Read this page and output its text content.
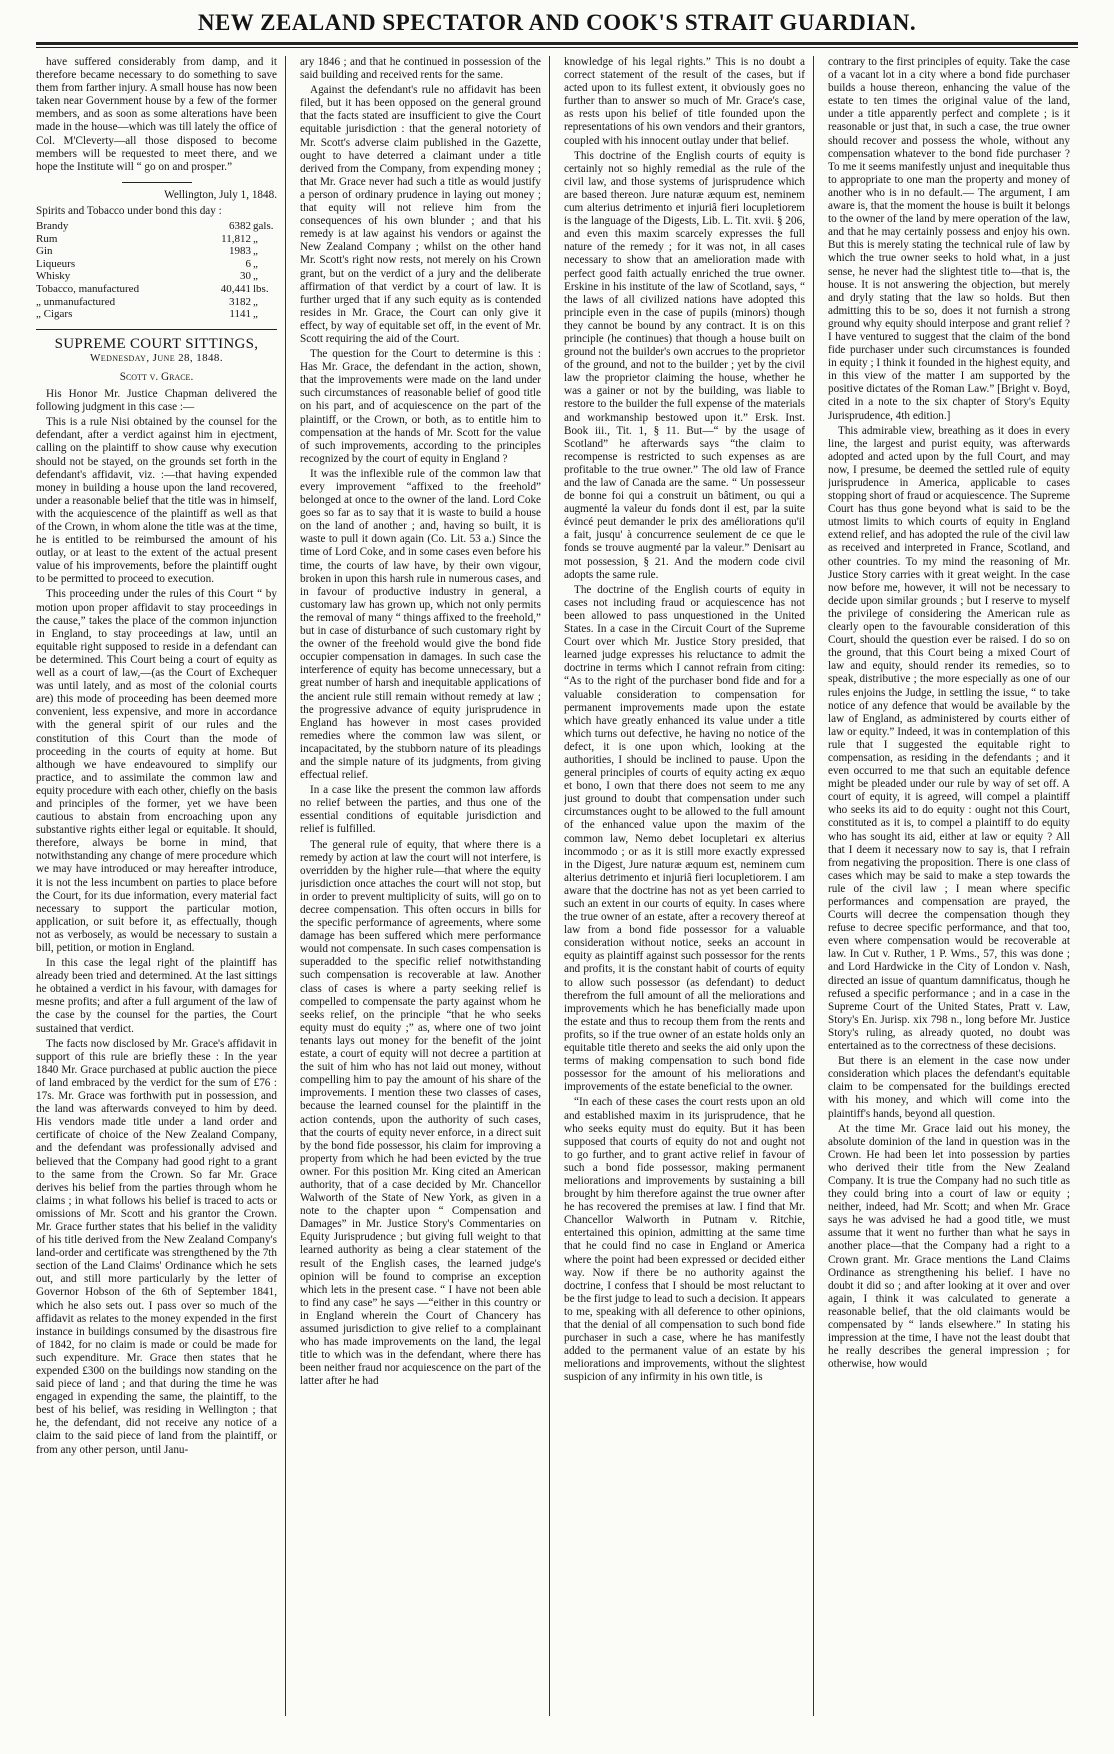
NEW ZEALAND SPECTATOR AND COOK'S STRAIT GUARDIAN.

have suffered considerably from damp, and it therefore became necessary to do something to save them from farther injury. A small house has now been taken near Government house by a few of the former members, and as soon as some alterations have been made in the house—which was till lately the office of Col. M'Cleverty—all those disposed to become members will be requested to meet there, and we hope the Institute will “ go on and prosper.”

Wellington, July 1, 1848.

Spirits and Tobacco under bond this day :

Brandy	6382	gals.
Rum	11,812	„
Gin	1983	„
Liqueurs	6	„
Whisky	30	„
Tobacco, manufactured	40,441	lbs.
„ unmanufactured	3182	„
„ Cigars	1141	„
SUPREME COURT SITTINGS,
Wednesday, June 28, 1848.
Scott v. Grace.

His Honor Mr. Justice Chapman delivered the following judgment in this case :—

This is a rule Nisi obtained by the counsel for the defendant, after a verdict against him in ejectment, calling on the plaintiff to show cause why execution should not be stayed, on the grounds set forth in the defendant's affidavit, viz. :—that having expended money in building a house upon the land recovered, under a reasonable belief that the title was in himself, with the acquiescence of the plaintiff as well as that of the Crown, in whom alone the title was at the time, he is entitled to be reimbursed the amount of his outlay, or at least to the extent of the actual present value of his improvements, before the plaintiff ought to be permitted to proceed to execution.

This proceeding under the rules of this Court “ by motion upon proper affidavit to stay proceedings in the cause,” takes the place of the common injunction in England, to stay proceedings at law, until an equitable right supposed to reside in a defendant can be determined. This Court being a court of equity as well as a court of law,—(as the Court of Exchequer was until lately, and as most of the colonial courts are) this mode of proceeding has been deemed more convenient, less expensive, and more in accordance with the general spirit of our rules and the constitution of this Court than the mode of proceeding in the courts of equity at home. But although we have endeavoured to simplify our practice, and to assimilate the common law and equity procedure with each other, chiefly on the basis and principles of the former, yet we have been cautious to abstain from encroaching upon any substantive rights either legal or equitable. It should, therefore, always be borne in mind, that notwithstanding any change of mere procedure which we may have introduced or may hereafter introduce, it is not the less incumbent on parties to place before the Court, for its due information, every material fact necessary to support the particular motion, application, or suit before it, as effectually, though not as verbosely, as would be necessary to sustain a bill, petition, or motion in England.

In this case the legal right of the plaintiff has already been tried and determined. At the last sittings he obtained a verdict in his favour, with damages for mesne profits; and after a full argument of the law of the case by the counsel for the parties, the Court sustained that verdict.

The facts now disclosed by Mr. Grace's affidavit in support of this rule are briefly these : In the year 1840 Mr. Grace purchased at public auction the piece of land embraced by the verdict for the sum of £76 : 17s. Mr. Grace was forthwith put in possession, and the land was afterwards conveyed to him by deed. His vendors made title under a land order and certificate of choice of the New Zealand Company, and the defendant was professionally advised and believed that the Company had good right to a grant to the same from the Crown. So far Mr. Grace derives his belief from the parties through whom he claims ; in what follows his belief is traced to acts or omissions of Mr. Scott and his grantor the Crown. Mr. Grace further states that his belief in the validity of his title derived from the New Zealand Company's land-order and certificate was strengthened by the 7th section of the Land Claims' Ordinance which he sets out, and still more particularly by the letter of Governor Hobson of the 6th of September 1841, which he also sets out. I pass over so much of the affidavit as relates to the money expended in the first instance in buildings consumed by the disastrous fire of 1842, for no claim is made or could be made for such expenditure. Mr. Grace then states that he expended £300 on the buildings now standing on the said piece of land ; and that during the time he was engaged in expending the same, the plaintiff, to the best of his belief, was residing in Wellington ; that he, the defendant, did not receive any notice of a claim to the said piece of land from the plaintiff, or from any other person, until Janu-

ary 1846 ; and that he continued in possession of the said building and received rents for the same.

Against the defendant's rule no affidavit has been filed, but it has been opposed on the general ground that the facts stated are insufficient to give the Court equitable jurisdiction : that the general notoriety of Mr. Scott's adverse claim published in the Gazette, ought to have deterred a claimant under a title derived from the Company, from expending money ; that Mr. Grace never had such a title as would justify a person of ordinary prudence in laying out money ; that equity will not relieve him from the consequences of his own blunder ; and that his remedy is at law against his vendors or against the New Zealand Company ; whilst on the other hand Mr. Scott's right now rests, not merely on his Crown grant, but on the verdict of a jury and the deliberate affirmation of that verdict by a court of law. It is further urged that if any such equity as is contended resides in Mr. Grace, the Court can only give it effect, by way of equitable set off, in the event of Mr. Scott requiring the aid of the Court.

The question for the Court to determine is this : Has Mr. Grace, the defendant in the action, shown, that the improvements were made on the land under such circumstances of reasonable belief of good title on his part, and of acquiescence on the part of the plaintiff, or the Crown, or both, as to entitle him to compensation at the hands of Mr. Scott for the value of such improvements, according to the principles recognized by the court of equity in England ?

It was the inflexible rule of the common law that every improvement “affixed to the freehold” belonged at once to the owner of the land. Lord Coke goes so far as to say that it is waste to build a house on the land of another ; and, having so built, it is waste to pull it down again (Co. Lit. 53 a.) Since the time of Lord Coke, and in some cases even before his time, the courts of law have, by their own vigour, broken in upon this harsh rule in numerous cases, and in favour of productive industry in general, a customary law has grown up, which not only permits the removal of many “ things affixed to the freehold,” but in case of disturbance of such customary right by the owner of the freehold would give the bond fide occupier compensation in damages. In such case the interference of equity has become unnecessary, but a great number of harsh and inequitable applications of the ancient rule still remain without remedy at law ; the progressive advance of equity jurisprudence in England has however in most cases provided remedies where the common law was silent, or incapacitated, by the stubborn nature of its pleadings and the simple nature of its judgments, from giving effectual relief.

In a case like the present the common law affords no relief between the parties, and thus one of the essential conditions of equitable jurisdiction and relief is fulfilled.

The general rule of equity, that where there is a remedy by action at law the court will not interfere, is overridden by the higher rule—that where the equity jurisdiction once attaches the court will not stop, but in order to prevent multiplicity of suits, will go on to decree compensation. This often occurs in bills for the specific performance of agreements, where some damage has been suffered which mere performance would not compensate. In such cases compensation is superadded to the specific relief notwithstanding such compensation is recoverable at law. Another class of cases is where a party seeking relief is compelled to compensate the party against whom he seeks relief, on the principle “that he who seeks equity must do equity ;” as, where one of two joint tenants lays out money for the benefit of the joint estate, a court of equity will not decree a partition at the suit of him who has not laid out money, without compelling him to pay the amount of his share of the improvements. I mention these two classes of cases, because the learned counsel for the plaintiff in the action contends, upon the authority of such cases, that the courts of equity never enforce, in a direct suit by the bond fide possessor, his claim for improving a property from which he had been evicted by the true owner. For this position Mr. King cited an American authority, that of a case decided by Mr. Chancellor Walworth of the State of New York, as given in a note to the chapter upon “ Compensation and Damages” in Mr. Justice Story's Commentaries on Equity Jurisprudence ; but giving full weight to that learned authority as being a clear statement of the result of the English cases, the learned judge's opinion will be found to comprise an exception which lets in the present case. “ I have not been able to find any case” he says —“either in this country or in England wherein the Court of Chancery has assumed jurisdiction to give relief to a complainant who has made improvements on the land, the legal title to which was in the defendant, where there has been neither fraud nor acquiescence on the part of the latter after he had

knowledge of his legal rights.” This is no doubt a correct statement of the result of the cases, but if acted upon to its fullest extent, it obviously goes no further than to answer so much of Mr. Grace's case, as rests upon his belief of title founded upon the representations of his own vendors and their grantors, coupled with his innocent outlay under that belief.

This doctrine of the English courts of equity is certainly not so highly remedial as the rule of the civil law, and those systems of jurisprudence which are based thereon. Jure naturæ æquum est, neminem cum alterius detrimento et injuriâ fieri locupletiorem is the language of the Digests, Lib. L. Tit. xvii. § 206, and even this maxim scarcely expresses the full nature of the remedy ; for it was not, in all cases necessary to show that an amelioration made with perfect good faith actually enriched the true owner. Erskine in his institute of the law of Scotland, says, “ the laws of all civilized nations have adopted this principle even in the case of pupils (minors) though they cannot be bound by any contract. It is on this principle (he continues) that though a house built on ground not the builder's own accrues to the proprietor of the ground, and not to the builder ; yet by the civil law the proprietor claiming the house, whether he was a gainer or not by the building, was liable to restore to the builder the full expense of the materials and workmanship bestowed upon it.” Ersk. Inst. Book iii., Tit. 1, § 11. But—“ by the usage of Scotland” he afterwards says “the claim to recompense is restricted to such expenses as are profitable to the true owner.” The old law of France and the law of Canada are the same. “ Un possesseur de bonne foi qui a construit un bâtiment, ou qui a augmenté la valeur du fonds dont il est, par la suite évincé peut demander le prix des améliorations qu'il a fait, jusqu' à concurrence seulement de ce que le fonds se trouve augmenté par la valeur.” Denisart au mot possession, § 21. And the modern code civil adopts the same rule.

The doctrine of the English courts of equity in cases not including fraud or acquiescence has not been allowed to pass unquestioned in the United States. In a case in the Circuit Court of the Supreme Court over which Mr. Justice Story presided, that learned judge expresses his reluctance to admit the doctrine in terms which I cannot refrain from citing: “As to the right of the purchaser bond fide and for a valuable consideration to compensation for permanent improvements made upon the estate which have greatly enhanced its value under a title which turns out defective, he having no notice of the defect, it is one upon which, looking at the authorities, I should be inclined to pause. Upon the general principles of courts of equity acting ex æquo et bono, I own that there does not seem to me any just ground to doubt that compensation under such circumstances ought to be allowed to the full amount of the enhanced value upon the maxim of the common law, Nemo debet locupletari ex alterius incommodo ; or as it is still more exactly expressed in the Digest, Jure naturæ æquum est, neminem cum alterius detrimento et injuriâ fieri locupletiorem. I am aware that the doctrine has not as yet been carried to such an extent in our courts of equity. In cases where the true owner of an estate, after a recovery thereof at law from a bond fide possessor for a valuable consideration without notice, seeks an account in equity as plaintiff against such possessor for the rents and profits, it is the constant habit of courts of equity to allow such possessor (as defendant) to deduct therefrom the full amount of all the meliorations and improvements which he has beneficially made upon the estate and thus to recoup them from the rents and profits, so if the true owner of an estate holds only an equitable title thereto and seeks the aid only upon the terms of making compensation to such bond fide possessor for the amount of his meliorations and improvements of the estate beneficial to the owner.

“In each of these cases the court rests upon an old and established maxim in its jurisprudence, that he who seeks equity must do equity. But it has been supposed that courts of equity do not and ought not to go further, and to grant active relief in favour of such a bond fide possessor, making permanent meliorations and improvements by sustaining a bill brought by him therefore against the true owner after he has recovered the premises at law. I find that Mr. Chancellor Walworth in Putnam v. Ritchie, entertained this opinion, admitting at the same time that he could find no case in England or America where the point had been expressed or decided either way. Now if there be no authority against the doctrine, I confess that I should be most reluctant to be the first judge to lead to such a decision. It appears to me, speaking with all deference to other opinions, that the denial of all compensation to such bond fide purchaser in such a case, where he has manifestly added to the permanent value of an estate by his meliorations and improvements, without the slightest suspicion of any infirmity in his own title, is

contrary to the first principles of equity. Take the case of a vacant lot in a city where a bond fide purchaser builds a house thereon, enhancing the value of the estate to ten times the original value of the land, under a title apparently perfect and complete ; is it reasonable or just that, in such a case, the true owner should recover and possess the whole, without any compensation whatever to the bond fide purchaser ? To me it seems manifestly unjust and inequitable thus to appropriate to one man the property and money of another who is in no default.— The argument, I am aware is, that the moment the house is built it belongs to the owner of the land by mere operation of the law, and that he may certainly possess and enjoy his own. But this is merely stating the technical rule of law by which the true owner seeks to hold what, in a just sense, he never had the slightest title to—that is, the house. It is not answering the objection, but merely and dryly stating that the law so holds. But then admitting this to be so, does it not furnish a strong ground why equity should interpose and grant relief ? I have ventured to suggest that the claim of the bond fide purchaser under such circumstances is founded in equity ; I think it founded in the highest equity, and in this view of the matter I am supported by the positive dictates of the Roman Law.” [Bright v. Boyd, cited in a note to the six chapter of Story's Equity Jurisprudence, 4th edition.]

This admirable view, breathing as it does in every line, the largest and purist equity, was afterwards adopted and acted upon by the full Court, and may now, I presume, be deemed the settled rule of equity jurisprudence in America, applicable to cases stopping short of fraud or acquiescence. The Supreme Court has thus gone beyond what is said to be the utmost limits to which courts of equity in England extend relief, and has adopted the rule of the civil law as received and interpreted in France, Scotland, and other countries. To my mind the reasoning of Mr. Justice Story carries with it great weight. In the case now before me, however, it will not be necessary to decide upon similar grounds ; but I reserve to myself the privilege of considering the American rule as clearly open to the favourable consideration of this Court, should the question ever be raised. I do so on the ground, that this Court being a mixed Court of law and equity, should render its remedies, so to speak, distributive ; the more especially as one of our rules enjoins the Judge, in settling the issue, “ to take notice of any defence that would be available by the law of England, as administered by courts either of law or equity.” Indeed, it was in contemplation of this rule that I suggested the equitable right to compensation, as residing in the defendants ; and it even occurred to me that such an equitable defence might be pleaded under our rule by way of set off. A court of equity, it is agreed, will compel a plaintiff who seeks its aid to do equity : ought not this Court, constituted as it is, to compel a plaintiff to do equity who has sought its aid, either at law or equity ? All that I deem it necessary now to say is, that I refrain from negativing the proposition. There is one class of cases which may be said to make a step towards the rule of the civil law ; I mean where specific performances and compensation are prayed, the Courts will decree the compensation though they refuse to decree specific performance, and that too, even where compensation would be recoverable at law. In Cut v. Ruther, 1 P. Wms., 57, this was done ; and Lord Hardwicke in the City of London v. Nash, directed an issue of quantum damnificatus, though he refused a specific performance ; and in a case in the Supreme Court of the United States, Pratt v. Law, Story's En. Jurisp. xix 798 n., long before Mr. Justice Story's ruling, as already quoted, no doubt was entertained as to the correctness of these decisions.

But there is an element in the case now under consideration which places the defendant's equitable claim to be compensated for the buildings erected with his money, and which will come into the plaintiff's hands, beyond all question.

At the time Mr. Grace laid out his money, the absolute dominion of the land in question was in the Crown. He had been let into possession by parties who derived their title from the New Zealand Company. It is true the Company had no such title as they could bring into a court of law or equity ; neither, indeed, had Mr. Scott; and when Mr. Grace says he was advised he had a good title, we must assume that it went no further than what he says in another place—that the Company had a right to a Crown grant. Mr. Grace mentions the Land Claims Ordinance as strengthening his belief. I have no doubt it did so ; and after looking at it over and over again, I think it was calculated to generate a reasonable belief, that the old claimants would be compensated by “ lands elsewhere.” In stating his impression at the time, I have not the least doubt that he really describes the general impression ; for otherwise, how would
